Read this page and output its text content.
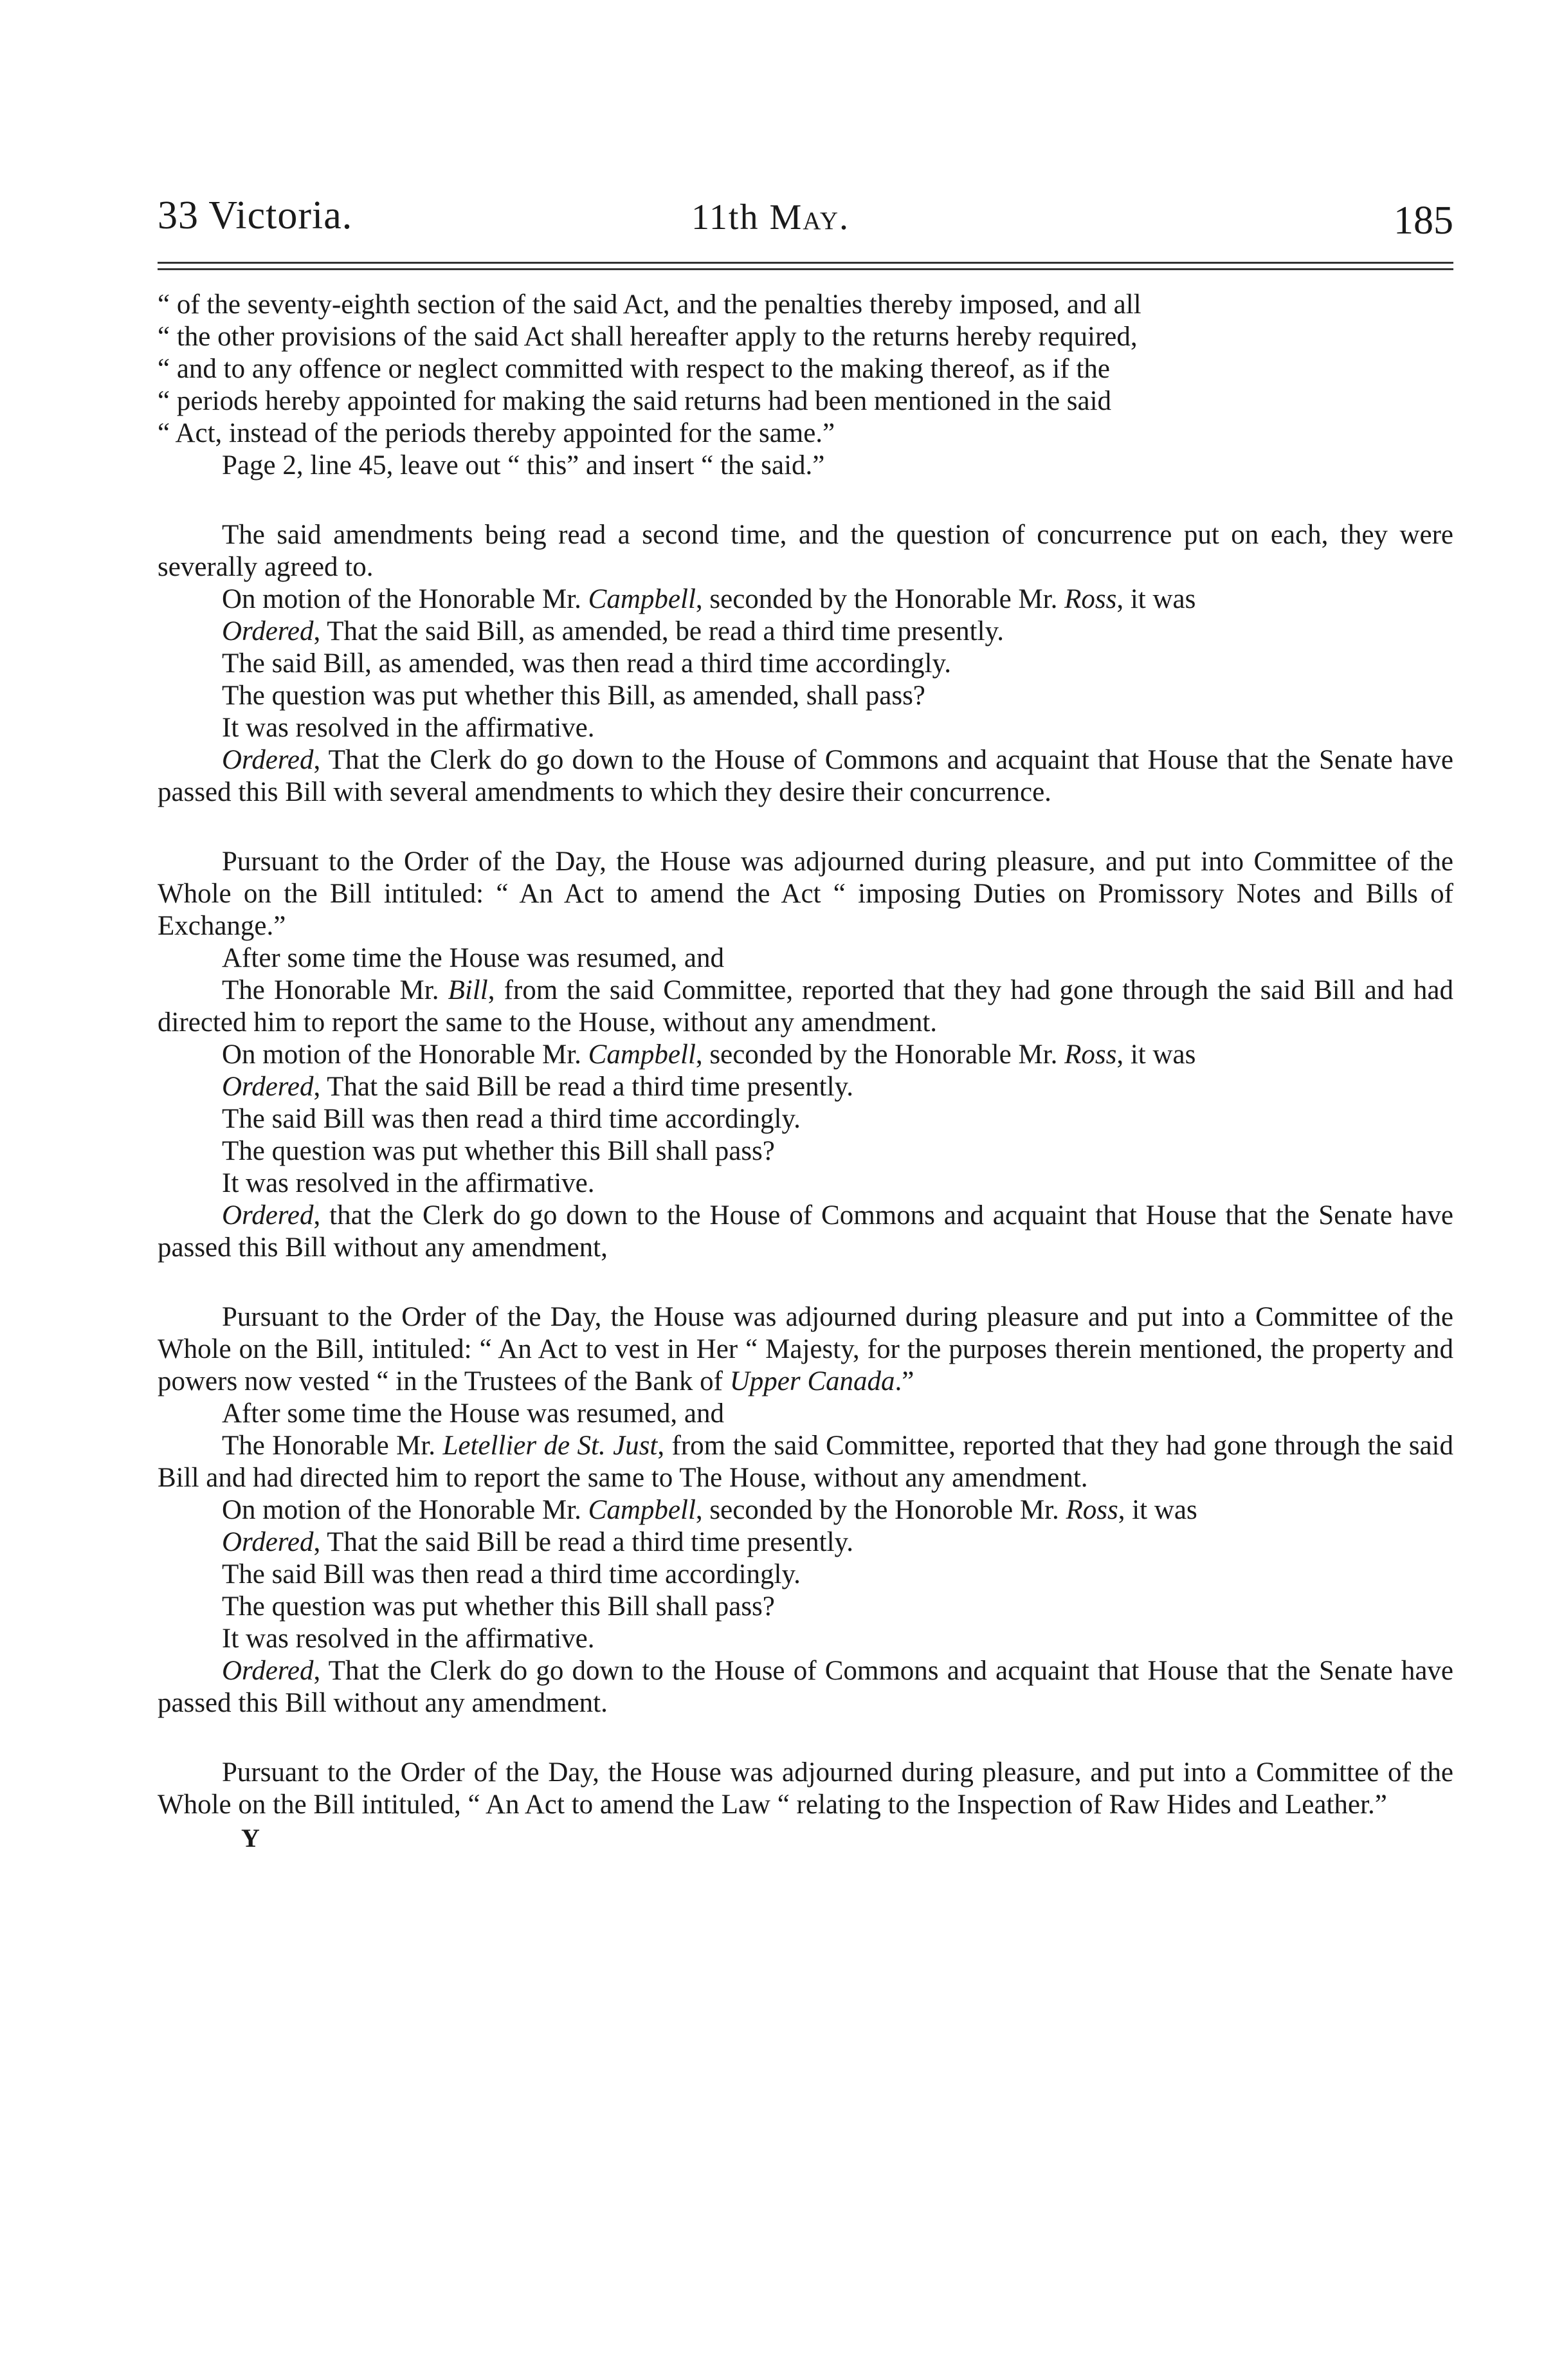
33 Victoria.	11th May.	185

“ of the seventy-eighth section of the said Act, and the penalties thereby imposed, and all

“ the other provisions of the said Act shall hereafter apply to the returns hereby required,

“ and to any offence or neglect committed with respect to the making thereof, as if the

“ periods hereby appointed for making the said returns had been mentioned in the said

“ Act, instead of the periods thereby appointed for the same.”

Page 2, line 45, leave out “ this” and insert “ the said.”

The said amendments being read a second time, and the question of concurrence put on each, they were severally agreed to.

On motion of the Honorable Mr. Campbell, seconded by the Honorable Mr. Ross, it was

Ordered, That the said Bill, as amended, be read a third time presently.

The said Bill, as amended, was then read a third time accordingly.

The question was put whether this Bill, as amended, shall pass?

It was resolved in the affirmative.

Ordered, That the Clerk do go down to the House of Commons and acquaint that House that the Senate have passed this Bill with several amendments to which they desire their concurrence.

Pursuant to the Order of the Day, the House was adjourned during pleasure, and put into Committee of the Whole on the Bill intituled: “ An Act to amend the Act “ imposing Duties on Promissory Notes and Bills of Exchange.”

After some time the House was resumed, and

The Honorable Mr. Bill, from the said Committee, reported that they had gone through the said Bill and had directed him to report the same to the House, without any amendment.

On motion of the Honorable Mr. Campbell, seconded by the Honorable Mr. Ross, it was

Ordered, That the said Bill be read a third time presently.

The said Bill was then read a third time accordingly.

The question was put whether this Bill shall pass?

It was resolved in the affirmative.

Ordered, that the Clerk do go down to the House of Commons and acquaint that House that the Senate have passed this Bill without any amendment,

Pursuant to the Order of the Day, the House was adjourned during pleasure and put into a Committee of the Whole on the Bill, intituled: “ An Act to vest in Her “ Majesty, for the purposes therein mentioned, the property and powers now vested “ in the Trustees of the Bank of Upper Canada.”

After some time the House was resumed, and

The Honorable Mr. Letellier de St. Just, from the said Committee, reported that they had gone through the said Bill and had directed him to report the same to The House, without any amendment.

On motion of the Honorable Mr. Campbell, seconded by the Honoroble Mr. Ross, it was

Ordered, That the said Bill be read a third time presently.

The said Bill was then read a third time accordingly.

The question was put whether this Bill shall pass?

It was resolved in the affirmative.

Ordered, That the Clerk do go down to the House of Commons and acquaint that House that the Senate have passed this Bill without any amendment.

Pursuant to the Order of the Day, the House was adjourned during pleasure, and put into a Committee of the Whole on the Bill intituled, “ An Act to amend the Law “ relating to the Inspection of Raw Hides and Leather.”

Y
